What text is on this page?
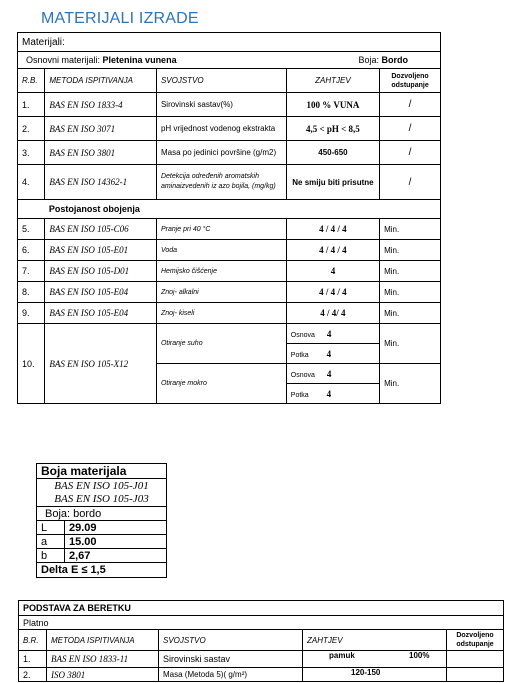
MATERIJALI IZRADE
Materijali:				
Osnovni materijali: Pletenina vunena Boja: Bordo				

R.B.	METODA ISPITIVANJA	SVOJSTVO	ZAHTJEV	Dozvoljeno odstupanje
1.	BAS EN ISO 1833-4	Sirovinski sastav(%)	100 % VUNA	/
2.	BAS EN ISO 3071	pH vrijednost vodenog ekstrakta	4,5 < pH < 8,5	/
3.	BAS EN ISO 3801	Masa po jedinici površine (g/m2)	450-650	/
4.	BAS EN ISO 14362-1	Detekcija određenih aromatskih aminaizvedenih iz azo bojila, (mg/kg)	Ne smiju biti prisutne	/
	Postojanost obojenja			
5.	BAS EN ISO 105-C06	Pranje pri 40 °C	4 / 4 / 4	Min.
6.	BAS EN ISO 105-E01	Voda	4 / 4 / 4	Min.
7.	BAS EN ISO 105-D01	Hemijsko čišćenje	4	Min.
8.	BAS EN ISO 105-E04	Znoj- alkalni	4 / 4 / 4	Min.
9.	BAS EN ISO 105-E04	Znoj- kiseli	4 / 4/ 4	Min.
10.	BAS EN ISO 105-X12	Otiranje suho	Osnova 4	Min.
			Potka 4	
		Otiranje mokro	Osnova 4	Min.
			Potka 4	
Boja materijala	

BAS EN ISO 105-J01
BAS EN ISO 105-J03	

Boja: bordo	
L	29.09
a	15.00
b	2,67
Delta E ≤ 1,5	
PODSTAVA ZA BERETKU				
Platno				
B.R.	METODA ISPITIVANJA	SVOJSTVO	ZAHTJEV	Dozvoljeno odstupanje
1.	BAS EN ISO 1833-11	Sirovinski sastav	pamuk 100%	
2.	ISO 3801	Masa (Metoda 5)( g/m²)	120-150	
